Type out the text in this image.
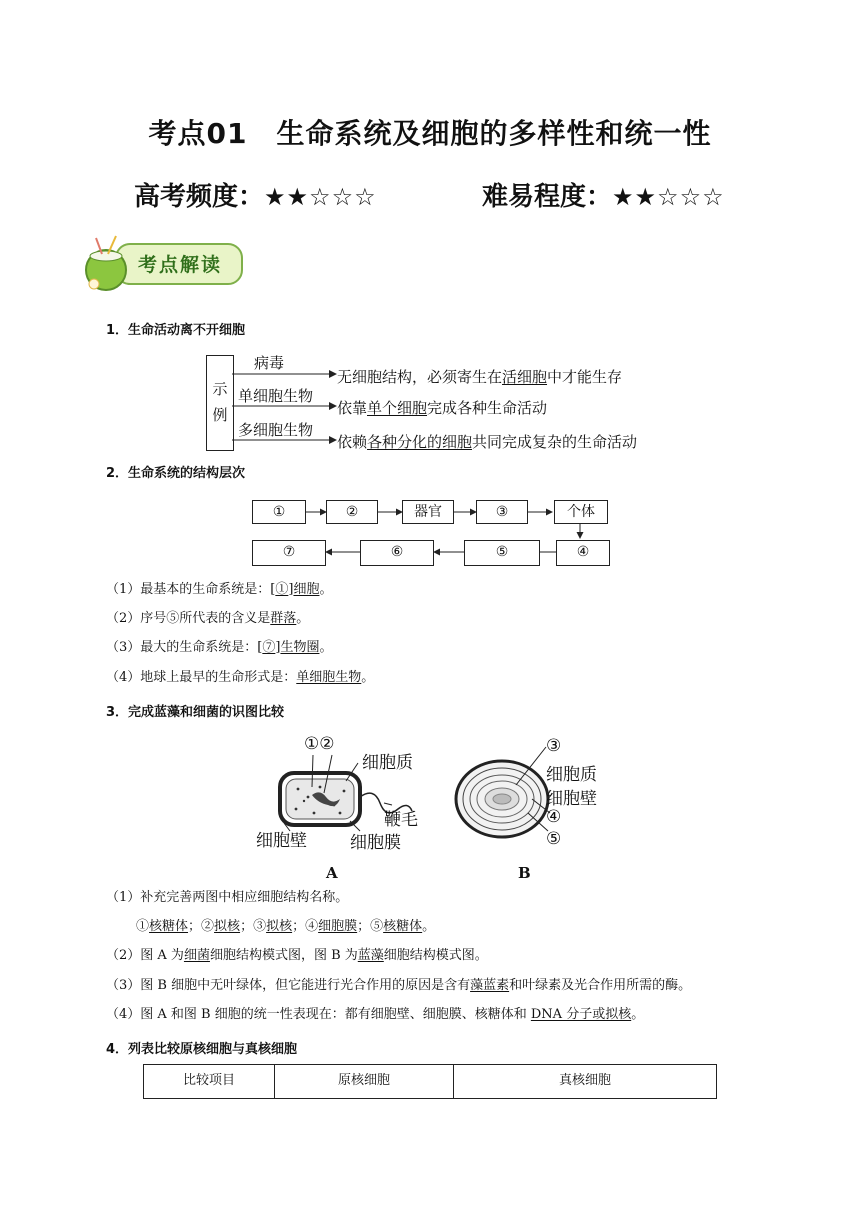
考点01　生命系统及细胞的多样性和统一性
高考频度：★★☆☆☆	难易程度：★★☆☆☆
考点解读
1．生命活动离不开细胞
示
例
病毒
单细胞生物
多细胞生物
无细胞结构，必须寄生在活细胞中才能生存
依靠单个细胞完成各种生命活动
依赖各种分化的细胞共同完成复杂的生命活动
2．生命系统的结构层次
①	②	器官	③	个体
⑦	⑥	⑤	④
（1）最基本的生命系统是：[①]细胞。
（2）序号⑤所代表的含义是群落。
（3）最大的生命系统是：[⑦]生物圈。
（4）地球上最早的生命形式是：单细胞生物。
3．完成蓝藻和细菌的识图比较
①②
细胞质
鞭毛
细胞壁	细胞膜
A
③
细胞质
细胞壁
④
⑤
B
（1）补充完善两图中相应细胞结构名称。
①核糖体；②拟核；③拟核；④细胞膜；⑤核糖体。
（2）图 A 为细菌细胞结构模式图，图 B 为蓝藻细胞结构模式图。
（3）图 B 细胞中无叶绿体，但它能进行光合作用的原因是含有藻蓝素和叶绿素及光合作用所需的酶。
（4）图 A 和图 B 细胞的统一性表现在：都有细胞壁、细胞膜、核糖体和 DNA 分子或拟核。
4．列表比较原核细胞与真核细胞
比较项目	原核细胞	真核细胞
